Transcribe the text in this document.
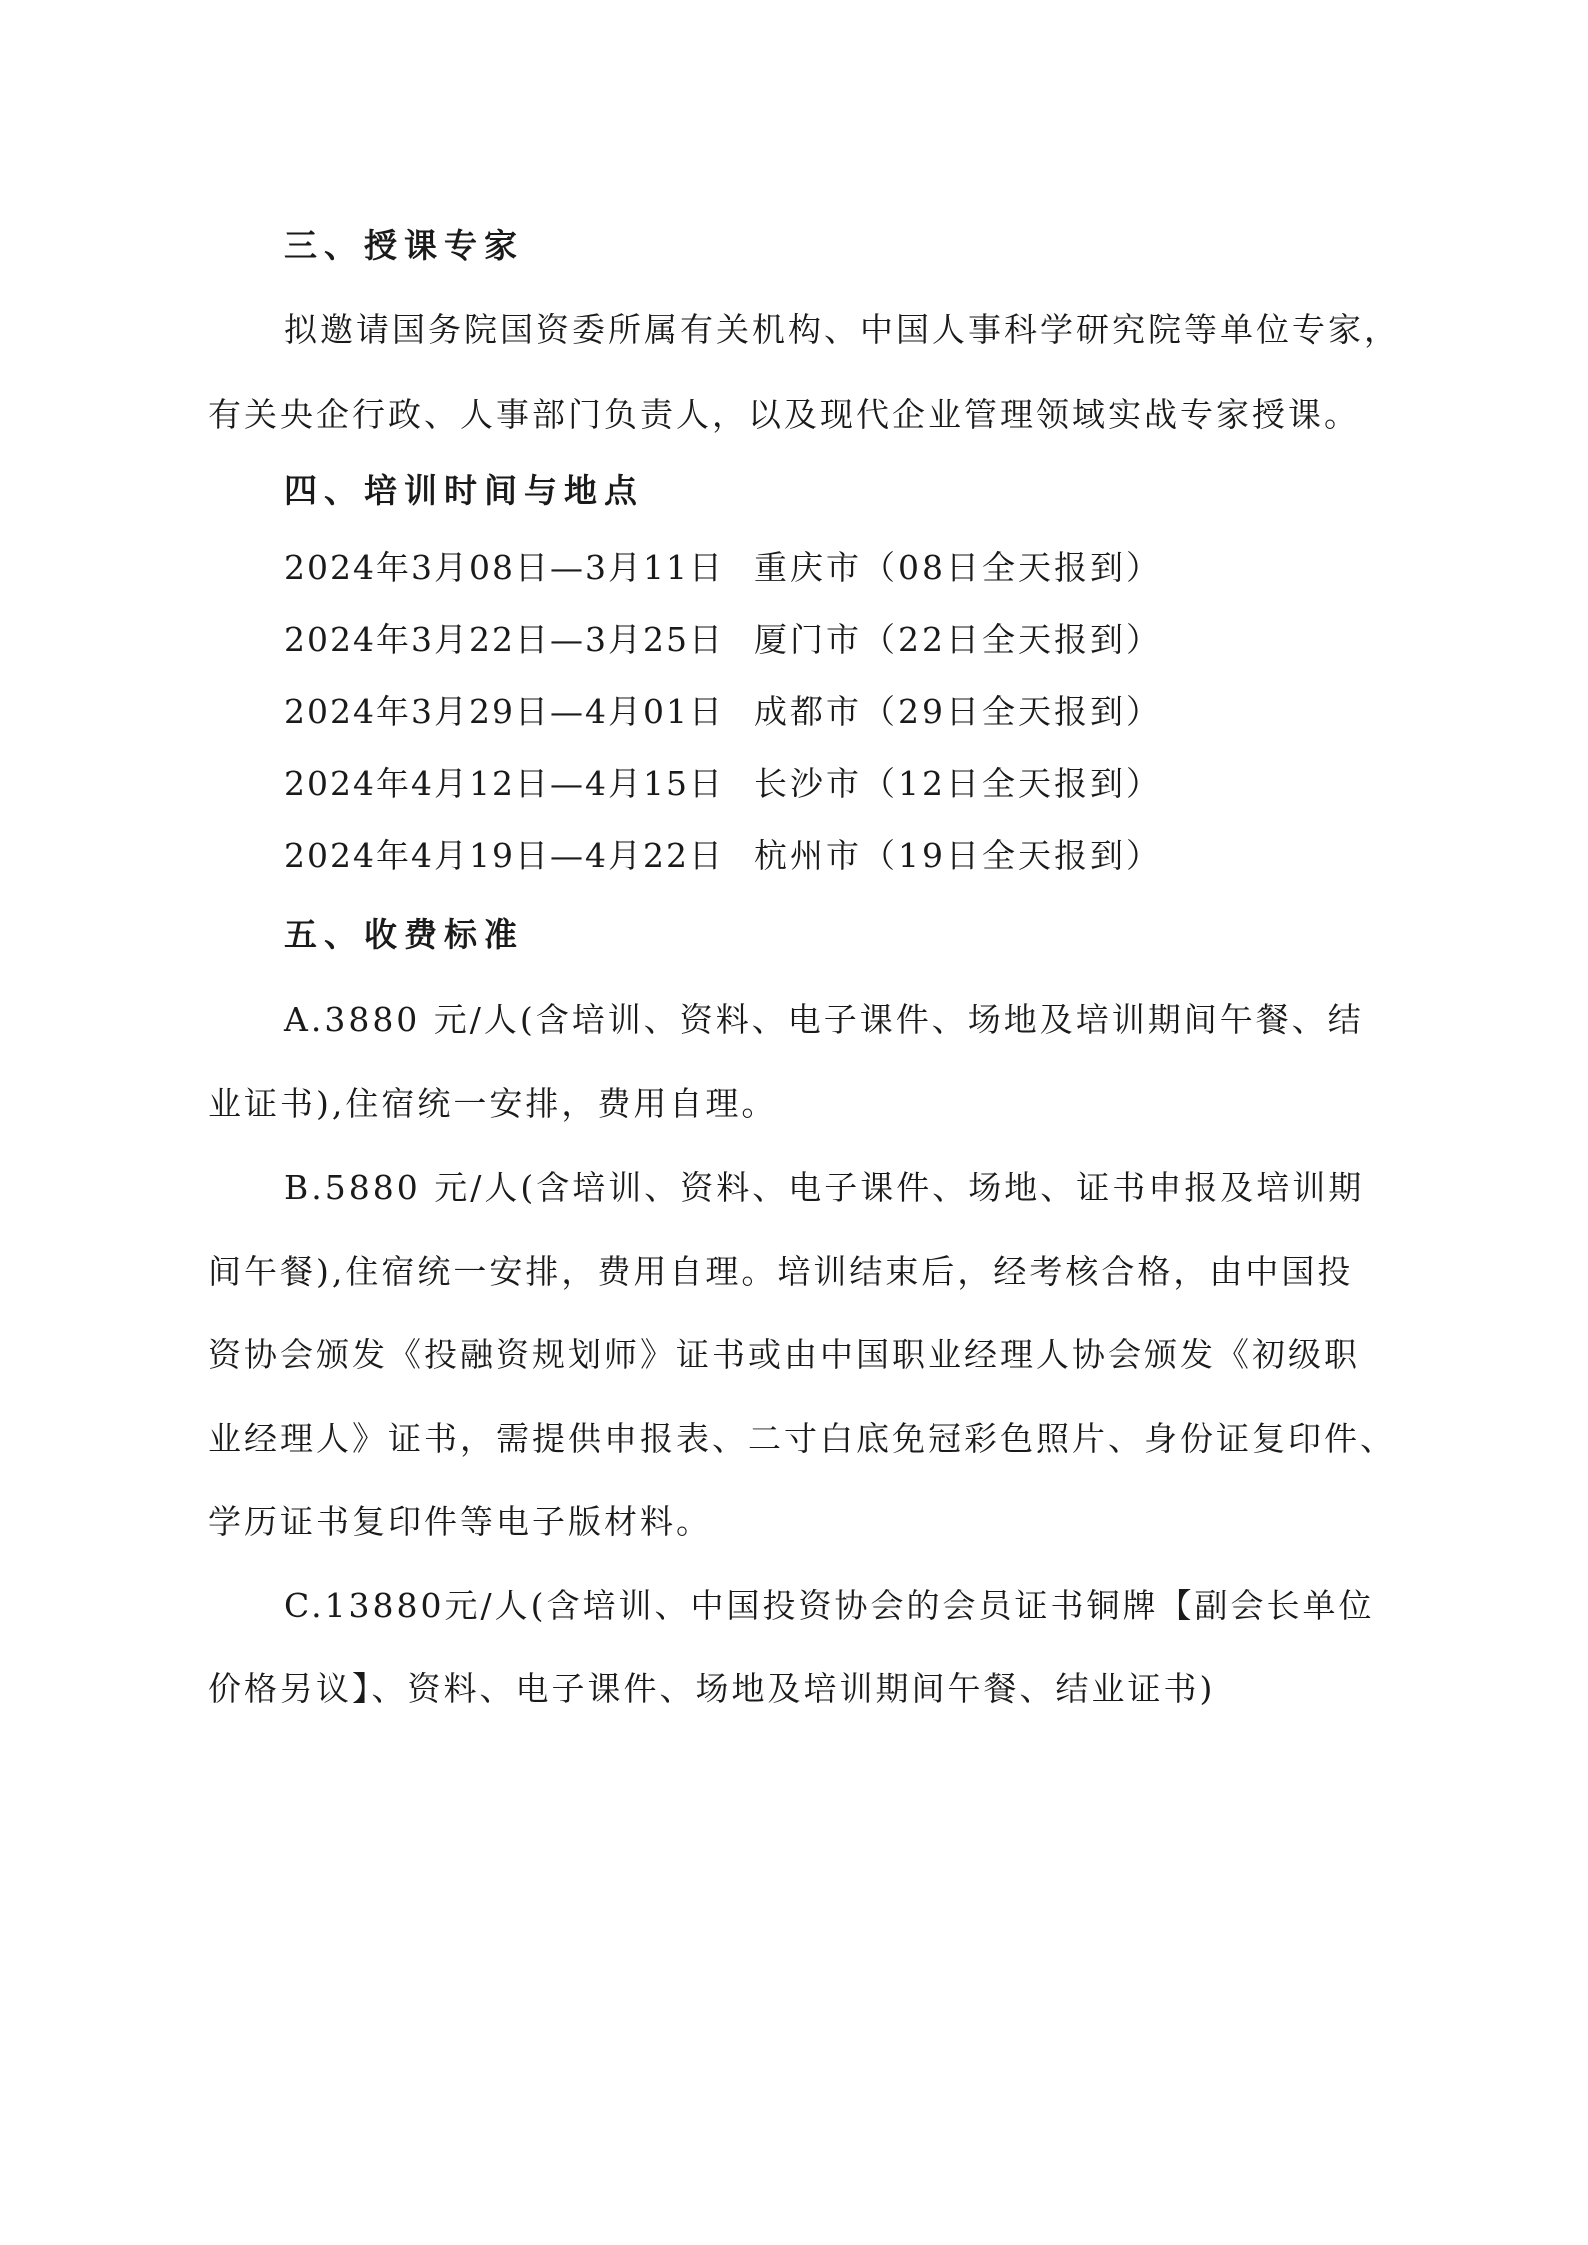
三、授课专家
拟邀请国务院国资委所属有关机构、中国人事科学研究院等单位专家，
有关央企行政、人事部门负责人，以及现代企业管理领域实战专家授课。
四、培训时间与地点
2024年3月08日—3月11日 重庆市（08日全天报到）
2024年3月22日—3月25日 厦门市（22日全天报到）
2024年3月29日—4月01日 成都市（29日全天报到）
2024年4月12日—4月15日 长沙市（12日全天报到）
2024年4月19日—4月22日 杭州市（19日全天报到）
五、收费标准
A.3880 元/人(含培训、资料、电子课件、场地及培训期间午餐、结
业证书),住宿统一安排，费用自理。
B.5880 元/人(含培训、资料、电子课件、场地、证书申报及培训期
间午餐),住宿统一安排，费用自理。培训结束后，经考核合格，由中国投
资协会颁发《投融资规划师》证书或由中国职业经理人协会颁发《初级职
业经理人》证书，需提供申报表、二寸白底免冠彩色照片、身份证复印件、
学历证书复印件等电子版材料。
C.13880元/人(含培训、中国投资协会的会员证书铜牌【副会长单位
价格另议】、资料、电子课件、场地及培训期间午餐、结业证书)
